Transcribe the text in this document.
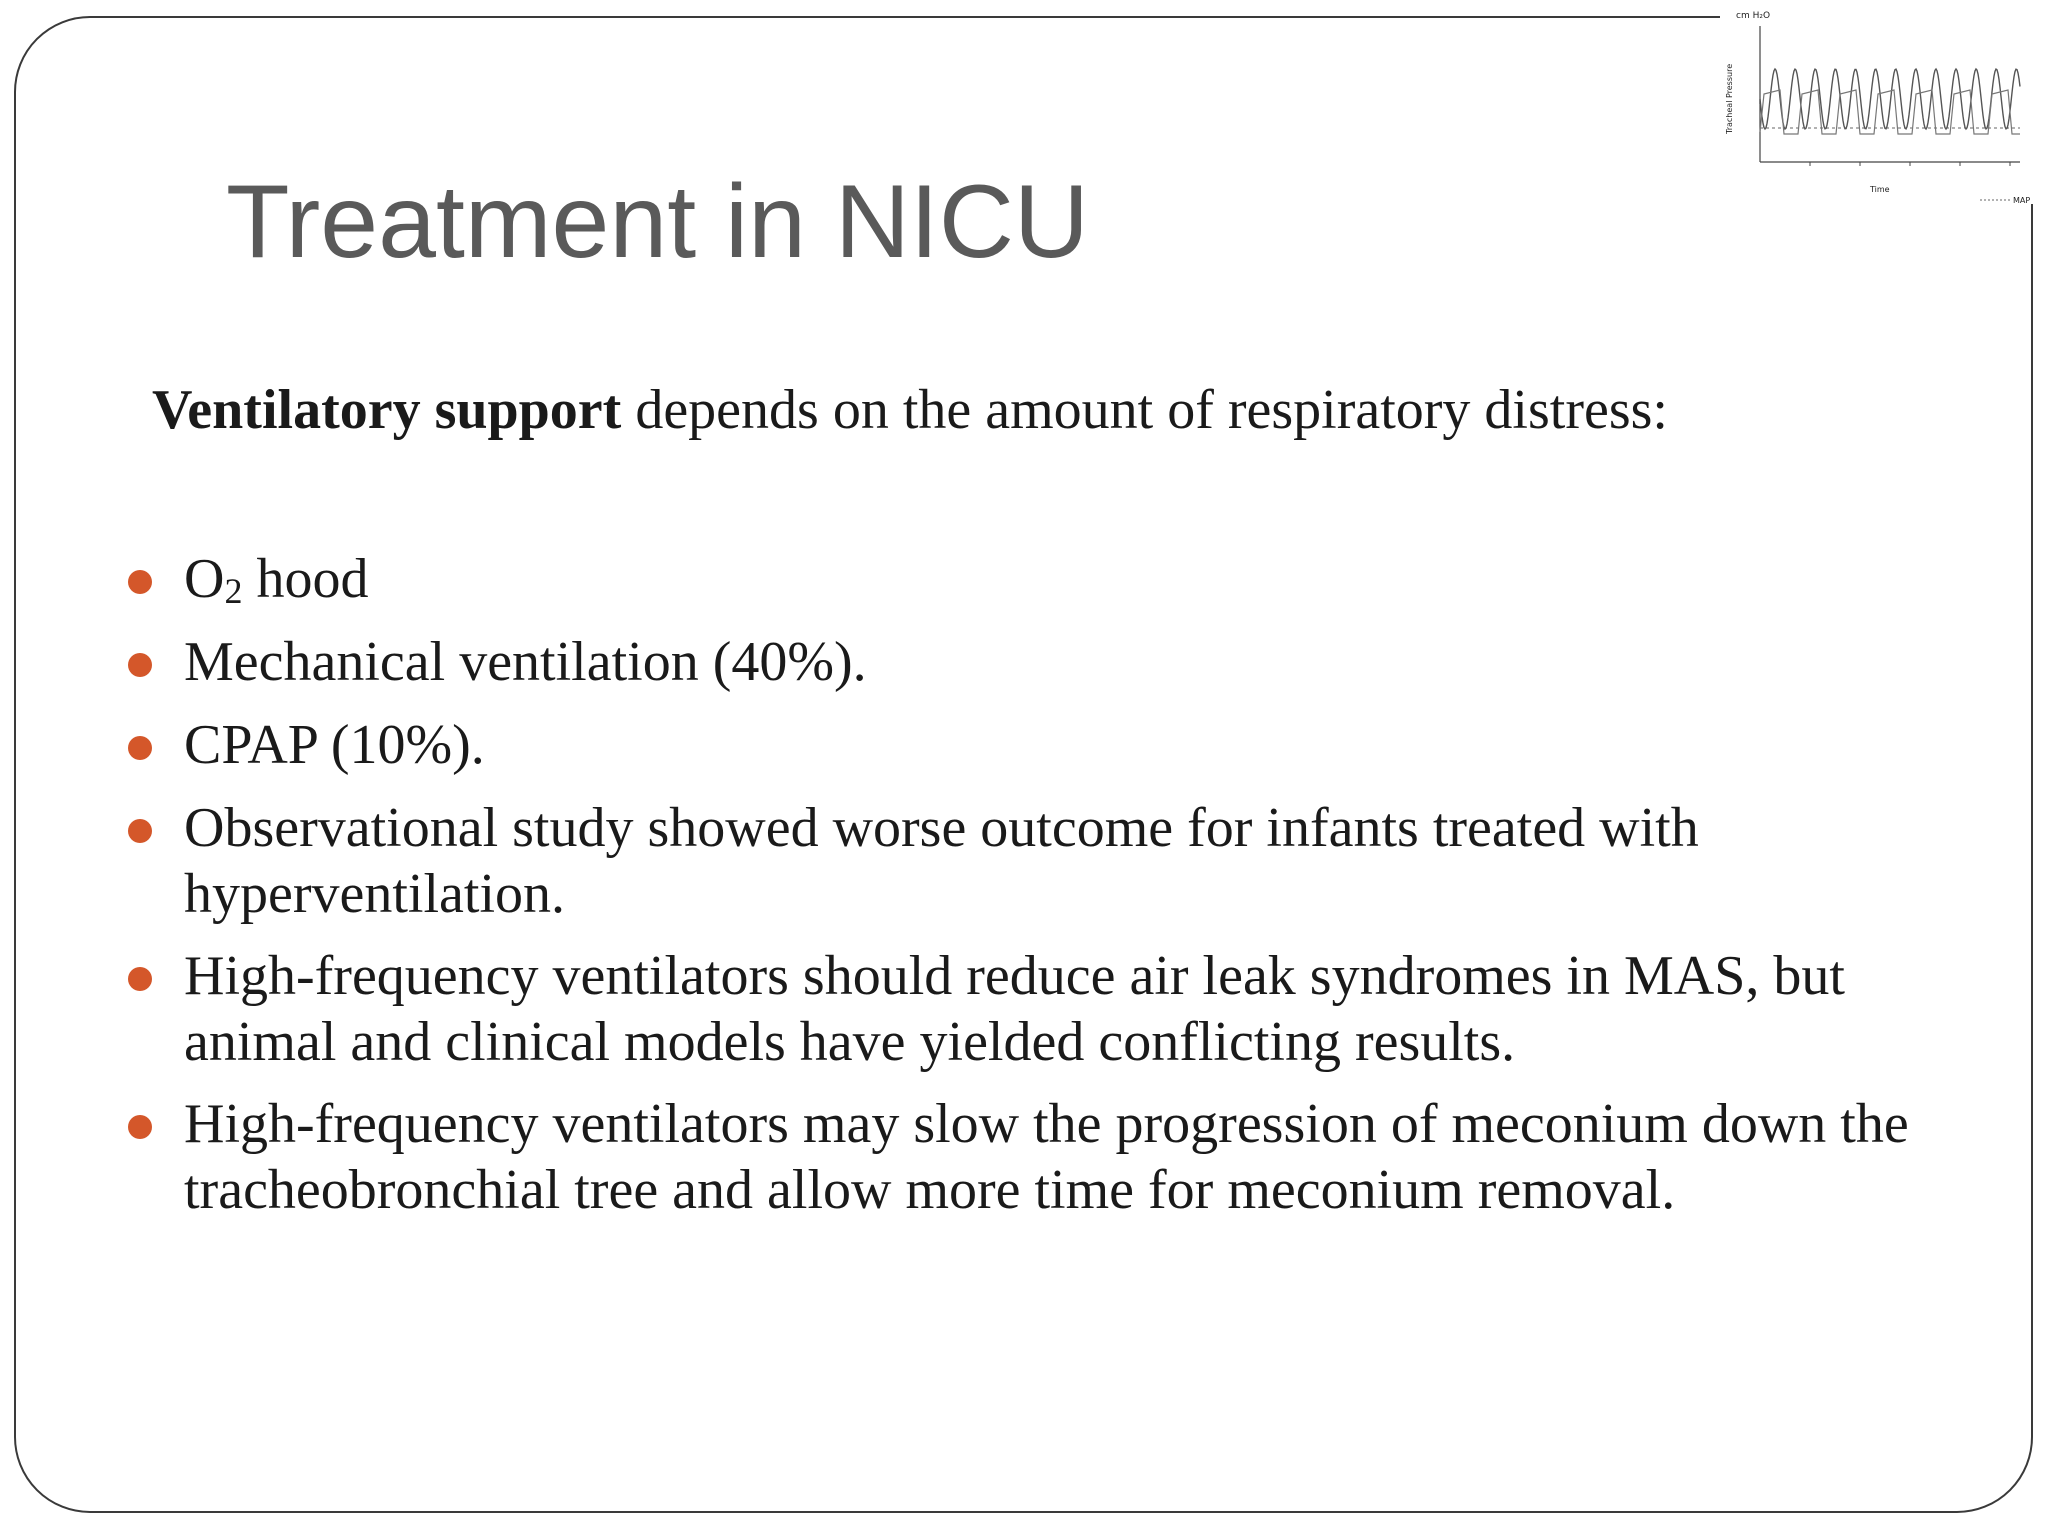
Treatment in NICU

Ventilatory support depends on the amount of respiratory distress:

$O_2$ hood
Mechanical ventilation (40%).
CPAP (10%).
Observational study showed worse outcome for infants treated with hyperventilation.
High-frequency ventilators should reduce air leak syndromes in MAS, but animal and clinical models have yielded conflicting results.
High-frequency ventilators may slow the progression of meconium down the tracheobronchial tree and allow more time for meconium removal.
cm H₂O
Tracheal Pressure
Time
MAP
